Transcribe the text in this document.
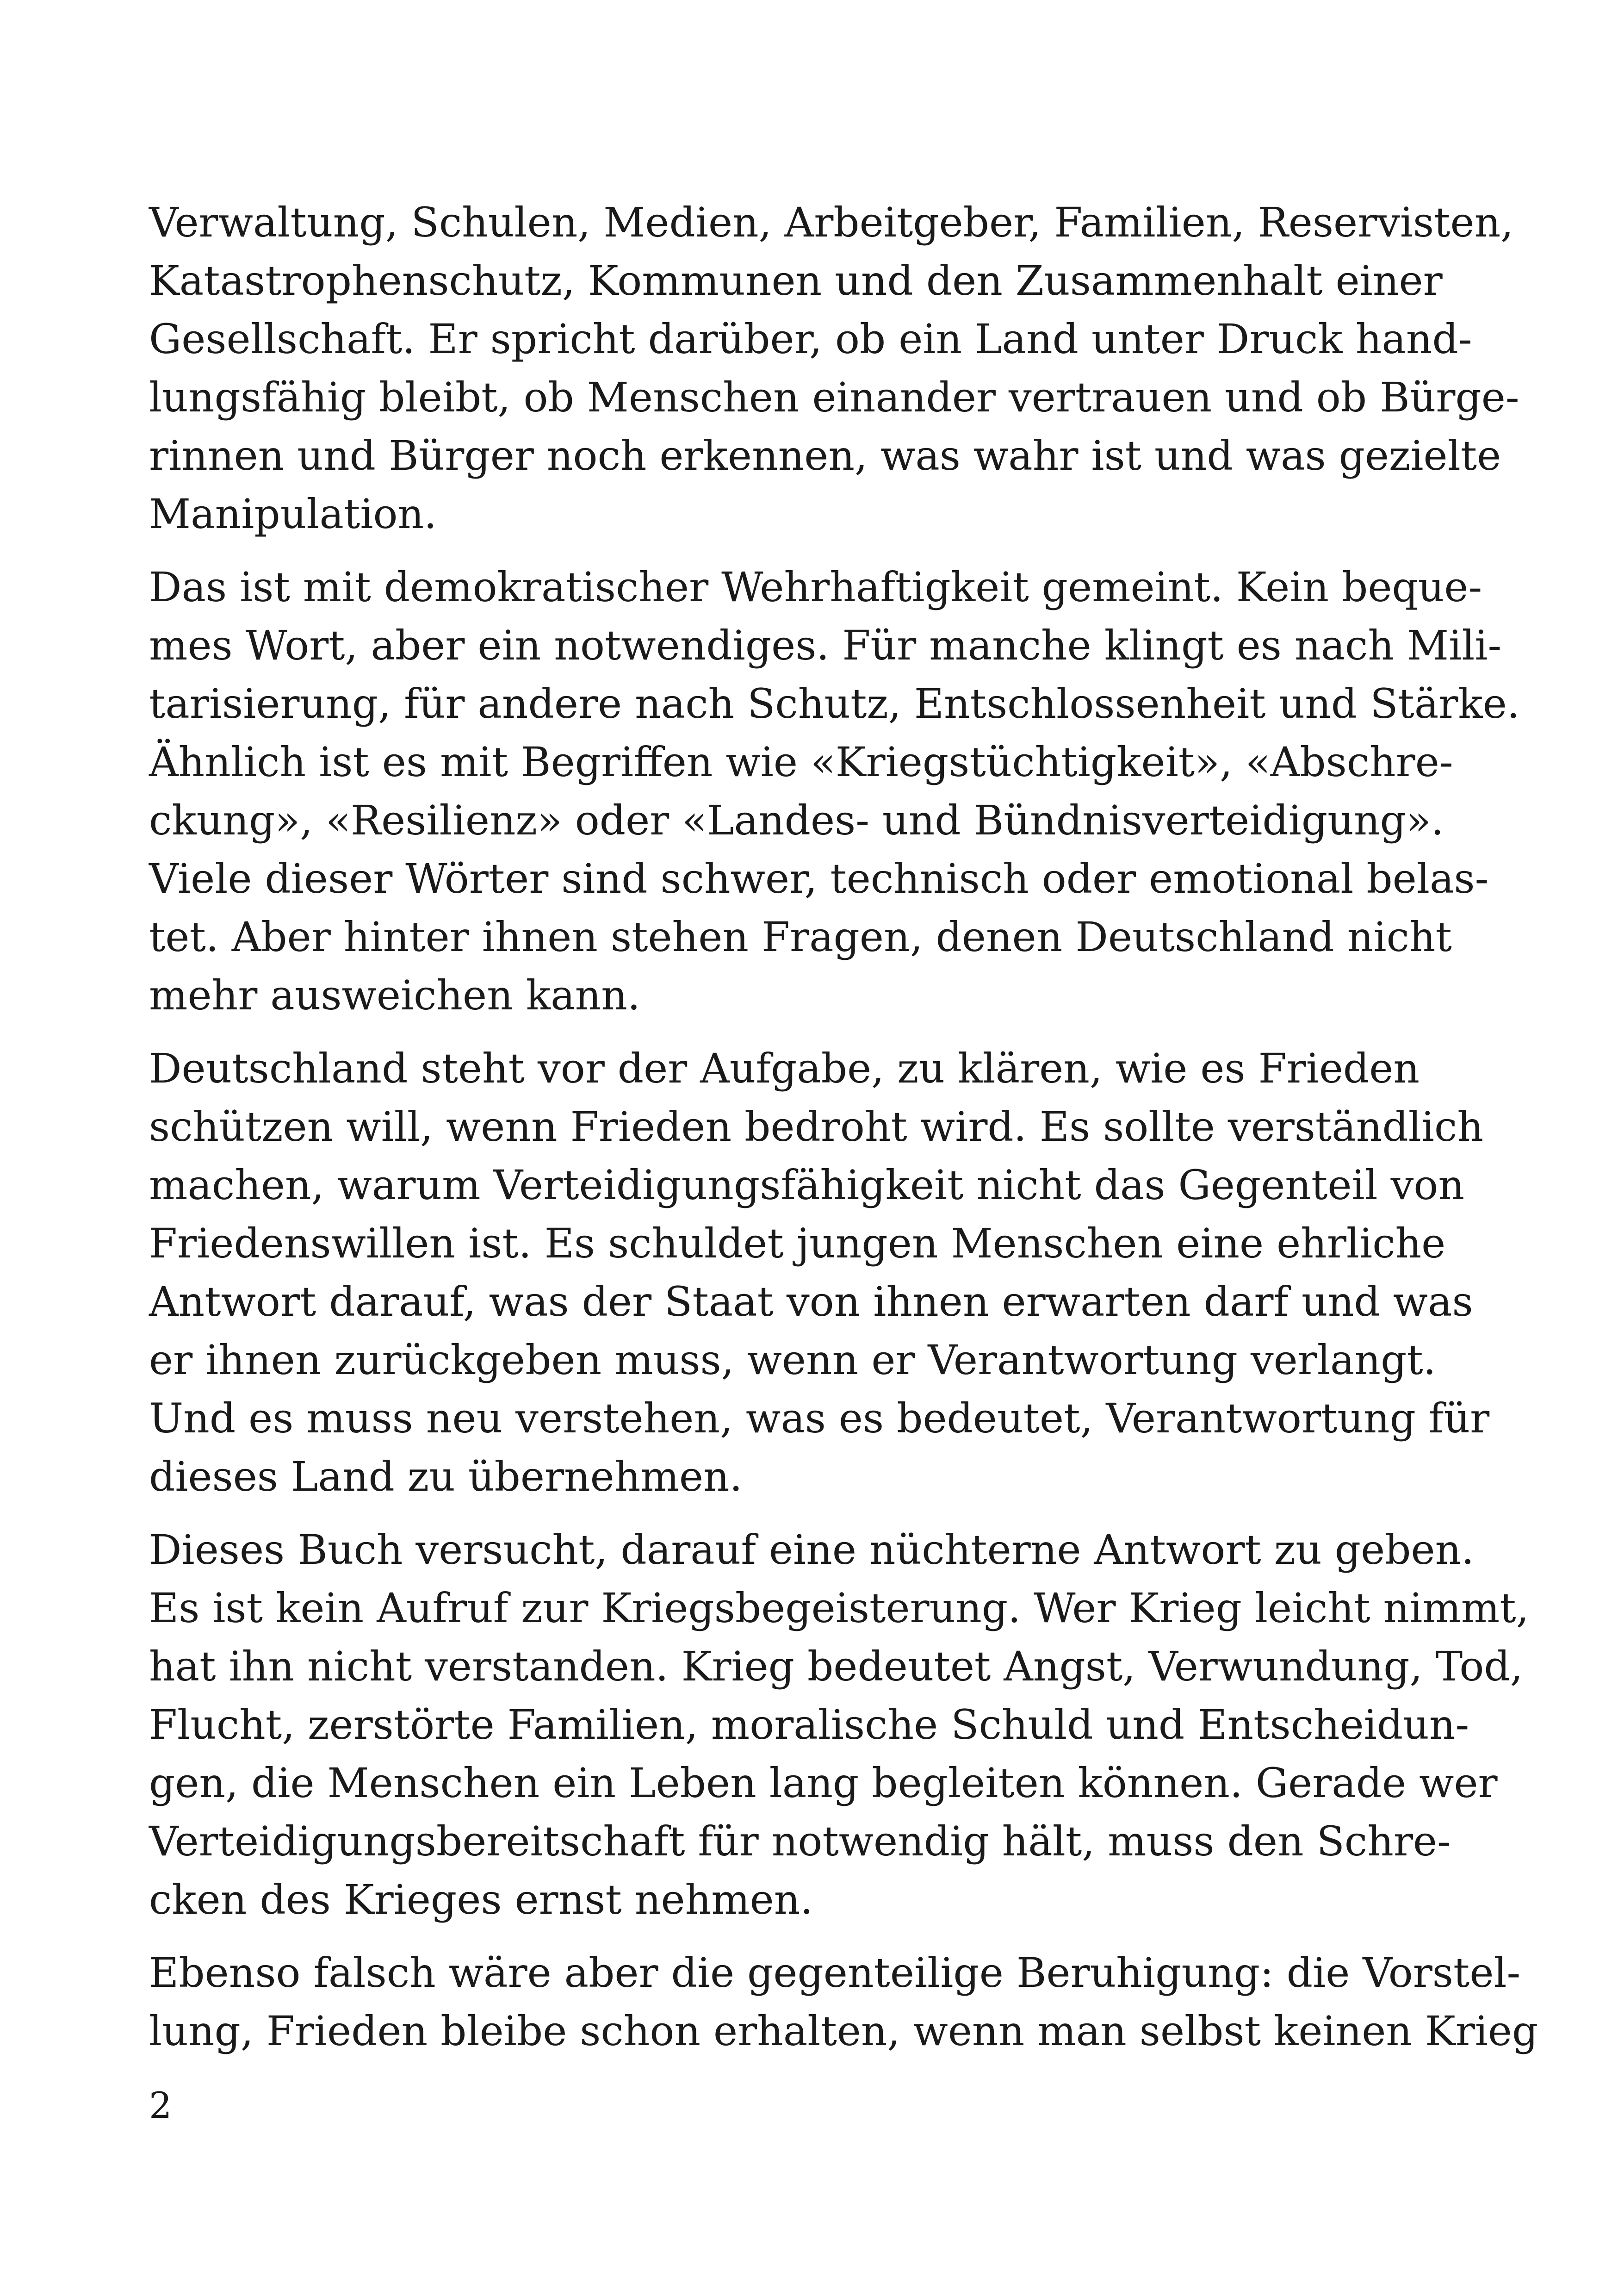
Verwaltung, Schulen, Medien, Arbeitgeber, Familien, Reservisten,
Katastrophenschutz, Kommunen und den Zusammenhalt einer
Gesellschaft. Er spricht darüber, ob ein Land unter Druck hand-
lungsfähig bleibt, ob Menschen einander vertrauen und ob Bürge-
rinnen und Bürger noch erkennen, was wahr ist und was gezielte
Manipulation.

Das ist mit demokratischer Wehrhaftigkeit gemeint. Kein beque-
mes Wort, aber ein notwendiges. Für manche klingt es nach Mili-
tarisierung, für andere nach Schutz, Entschlossenheit und Stärke.
Ähnlich ist es mit Begriffen wie «Kriegstüchtigkeit», «Abschre-
ckung», «Resilienz» oder «Landes- und Bündnisverteidigung».
Viele dieser Wörter sind schwer, technisch oder emotional belas-
tet. Aber hinter ihnen stehen Fragen, denen Deutschland nicht
mehr ausweichen kann.

Deutschland steht vor der Aufgabe, zu klären, wie es Frieden
schützen will, wenn Frieden bedroht wird. Es sollte verständlich
machen, warum Verteidigungsfähigkeit nicht das Gegenteil von
Friedenswillen ist. Es schuldet jungen Menschen eine ehrliche
Antwort darauf, was der Staat von ihnen erwarten darf und was
er ihnen zurückgeben muss, wenn er Verantwortung verlangt.
Und es muss neu verstehen, was es bedeutet, Verantwortung für
dieses Land zu übernehmen.

Dieses Buch versucht, darauf eine nüchterne Antwort zu geben.
Es ist kein Aufruf zur Kriegsbegeisterung. Wer Krieg leicht nimmt,
hat ihn nicht verstanden. Krieg bedeutet Angst, Verwundung, Tod,
Flucht, zerstörte Familien, moralische Schuld und Entscheidun-
gen, die Menschen ein Leben lang begleiten können. Gerade wer
Verteidigungsbereitschaft für notwendig hält, muss den Schre-
cken des Krieges ernst nehmen.

Ebenso falsch wäre aber die gegenteilige Beruhigung: die Vorstel-
lung, Frieden bleibe schon erhalten, wenn man selbst keinen Krieg

2
